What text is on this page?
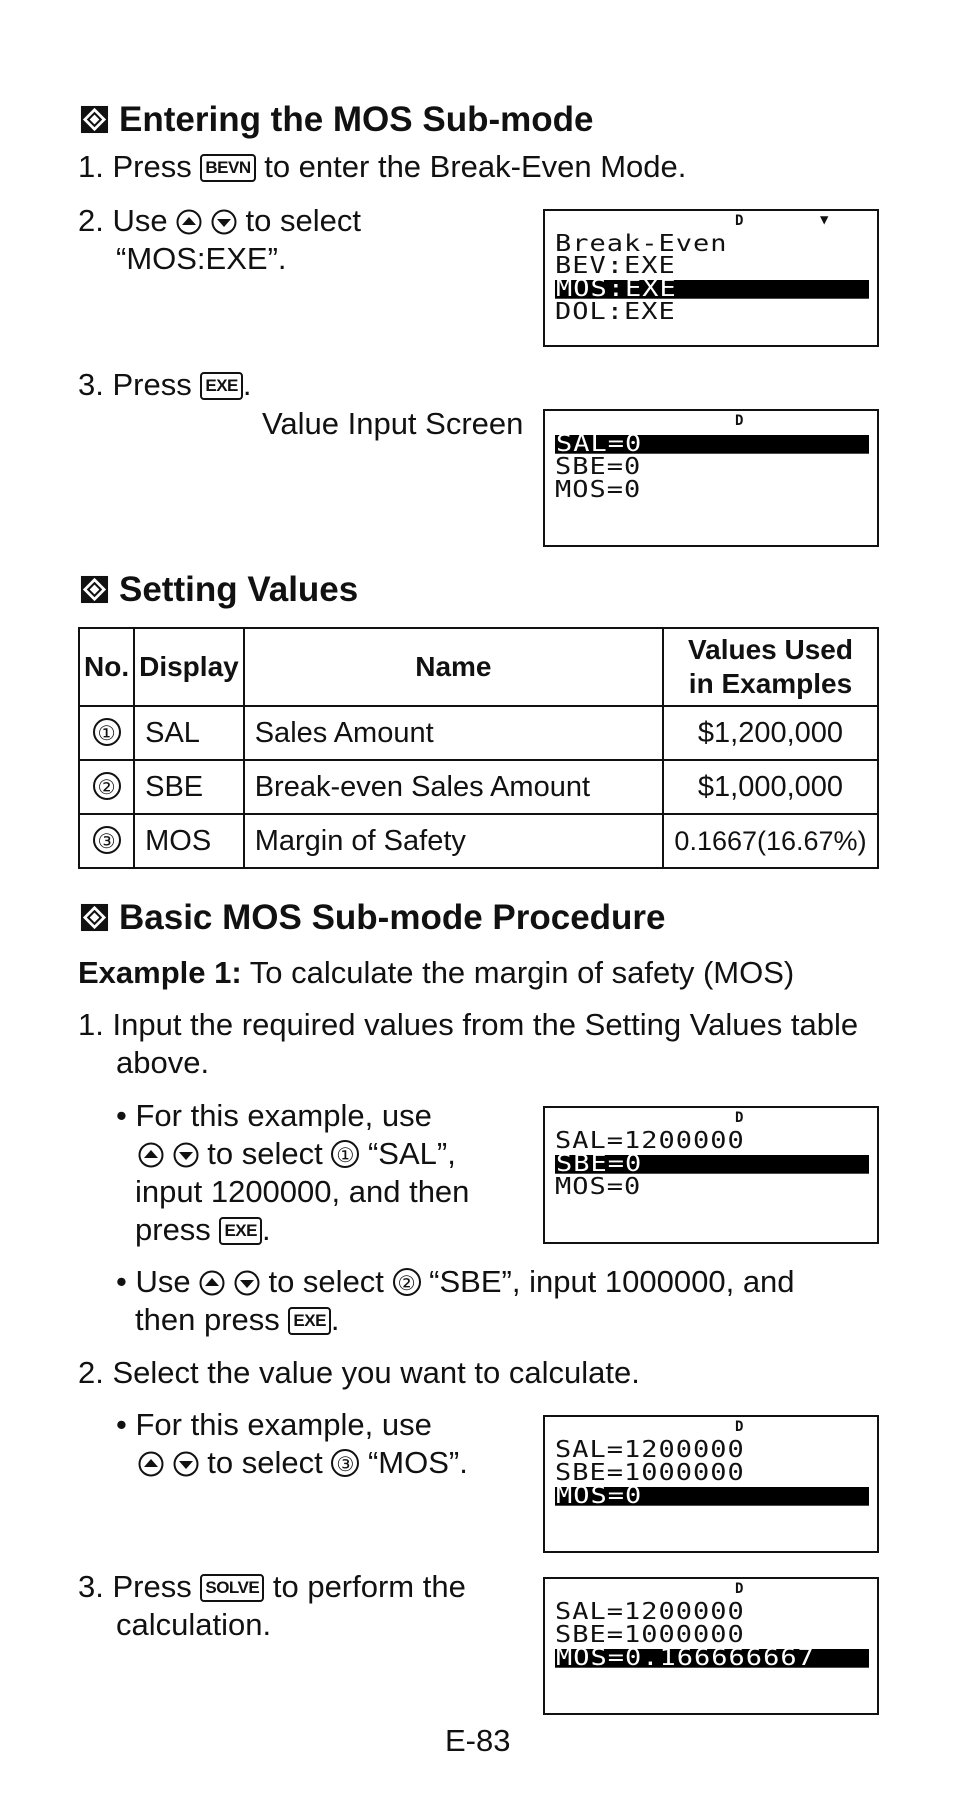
Entering the MOS Sub-mode
1. Press BEVN to enter the Break-Even Mode.
2. Use	to select
“MOS:EXE”.
D	▼
Break-Even
BEV:EXE
MOS:EXE
DOL:EXE
3. Press EXE .
Value Input Screen	D
SAL=0
SBE=0
MOS=0
Setting Values
No.	Display	Name	Values Used
in Examples
①	SAL	Sales Amount	$1,200,000
②	SBE	Break-even Sales Amount	$1,000,000
③	MOS	Margin of Safety	0.1667(16.67%)
Basic MOS Sub-mode Procedure
Example 1: To calculate the margin of safety (MOS)
1. Input the required values from the Setting Values table
above.
• For this example, use
to select ① “SAL”,
input 1200000, and then
press EXE .
D
SAL=1200000
SBE=0
MOS=0
• Use	to select ② “SBE”, input 1000000, and
then press EXE .
2. Select the value you want to calculate.
• For this example, use
to select ③ “MOS”.
D
SAL=1200000
SBE=1000000
MOS=0
3. Press SOLVE to perform the
calculation.
D
SAL=1200000
SBE=1000000
MOS=0.166666667
E-83
